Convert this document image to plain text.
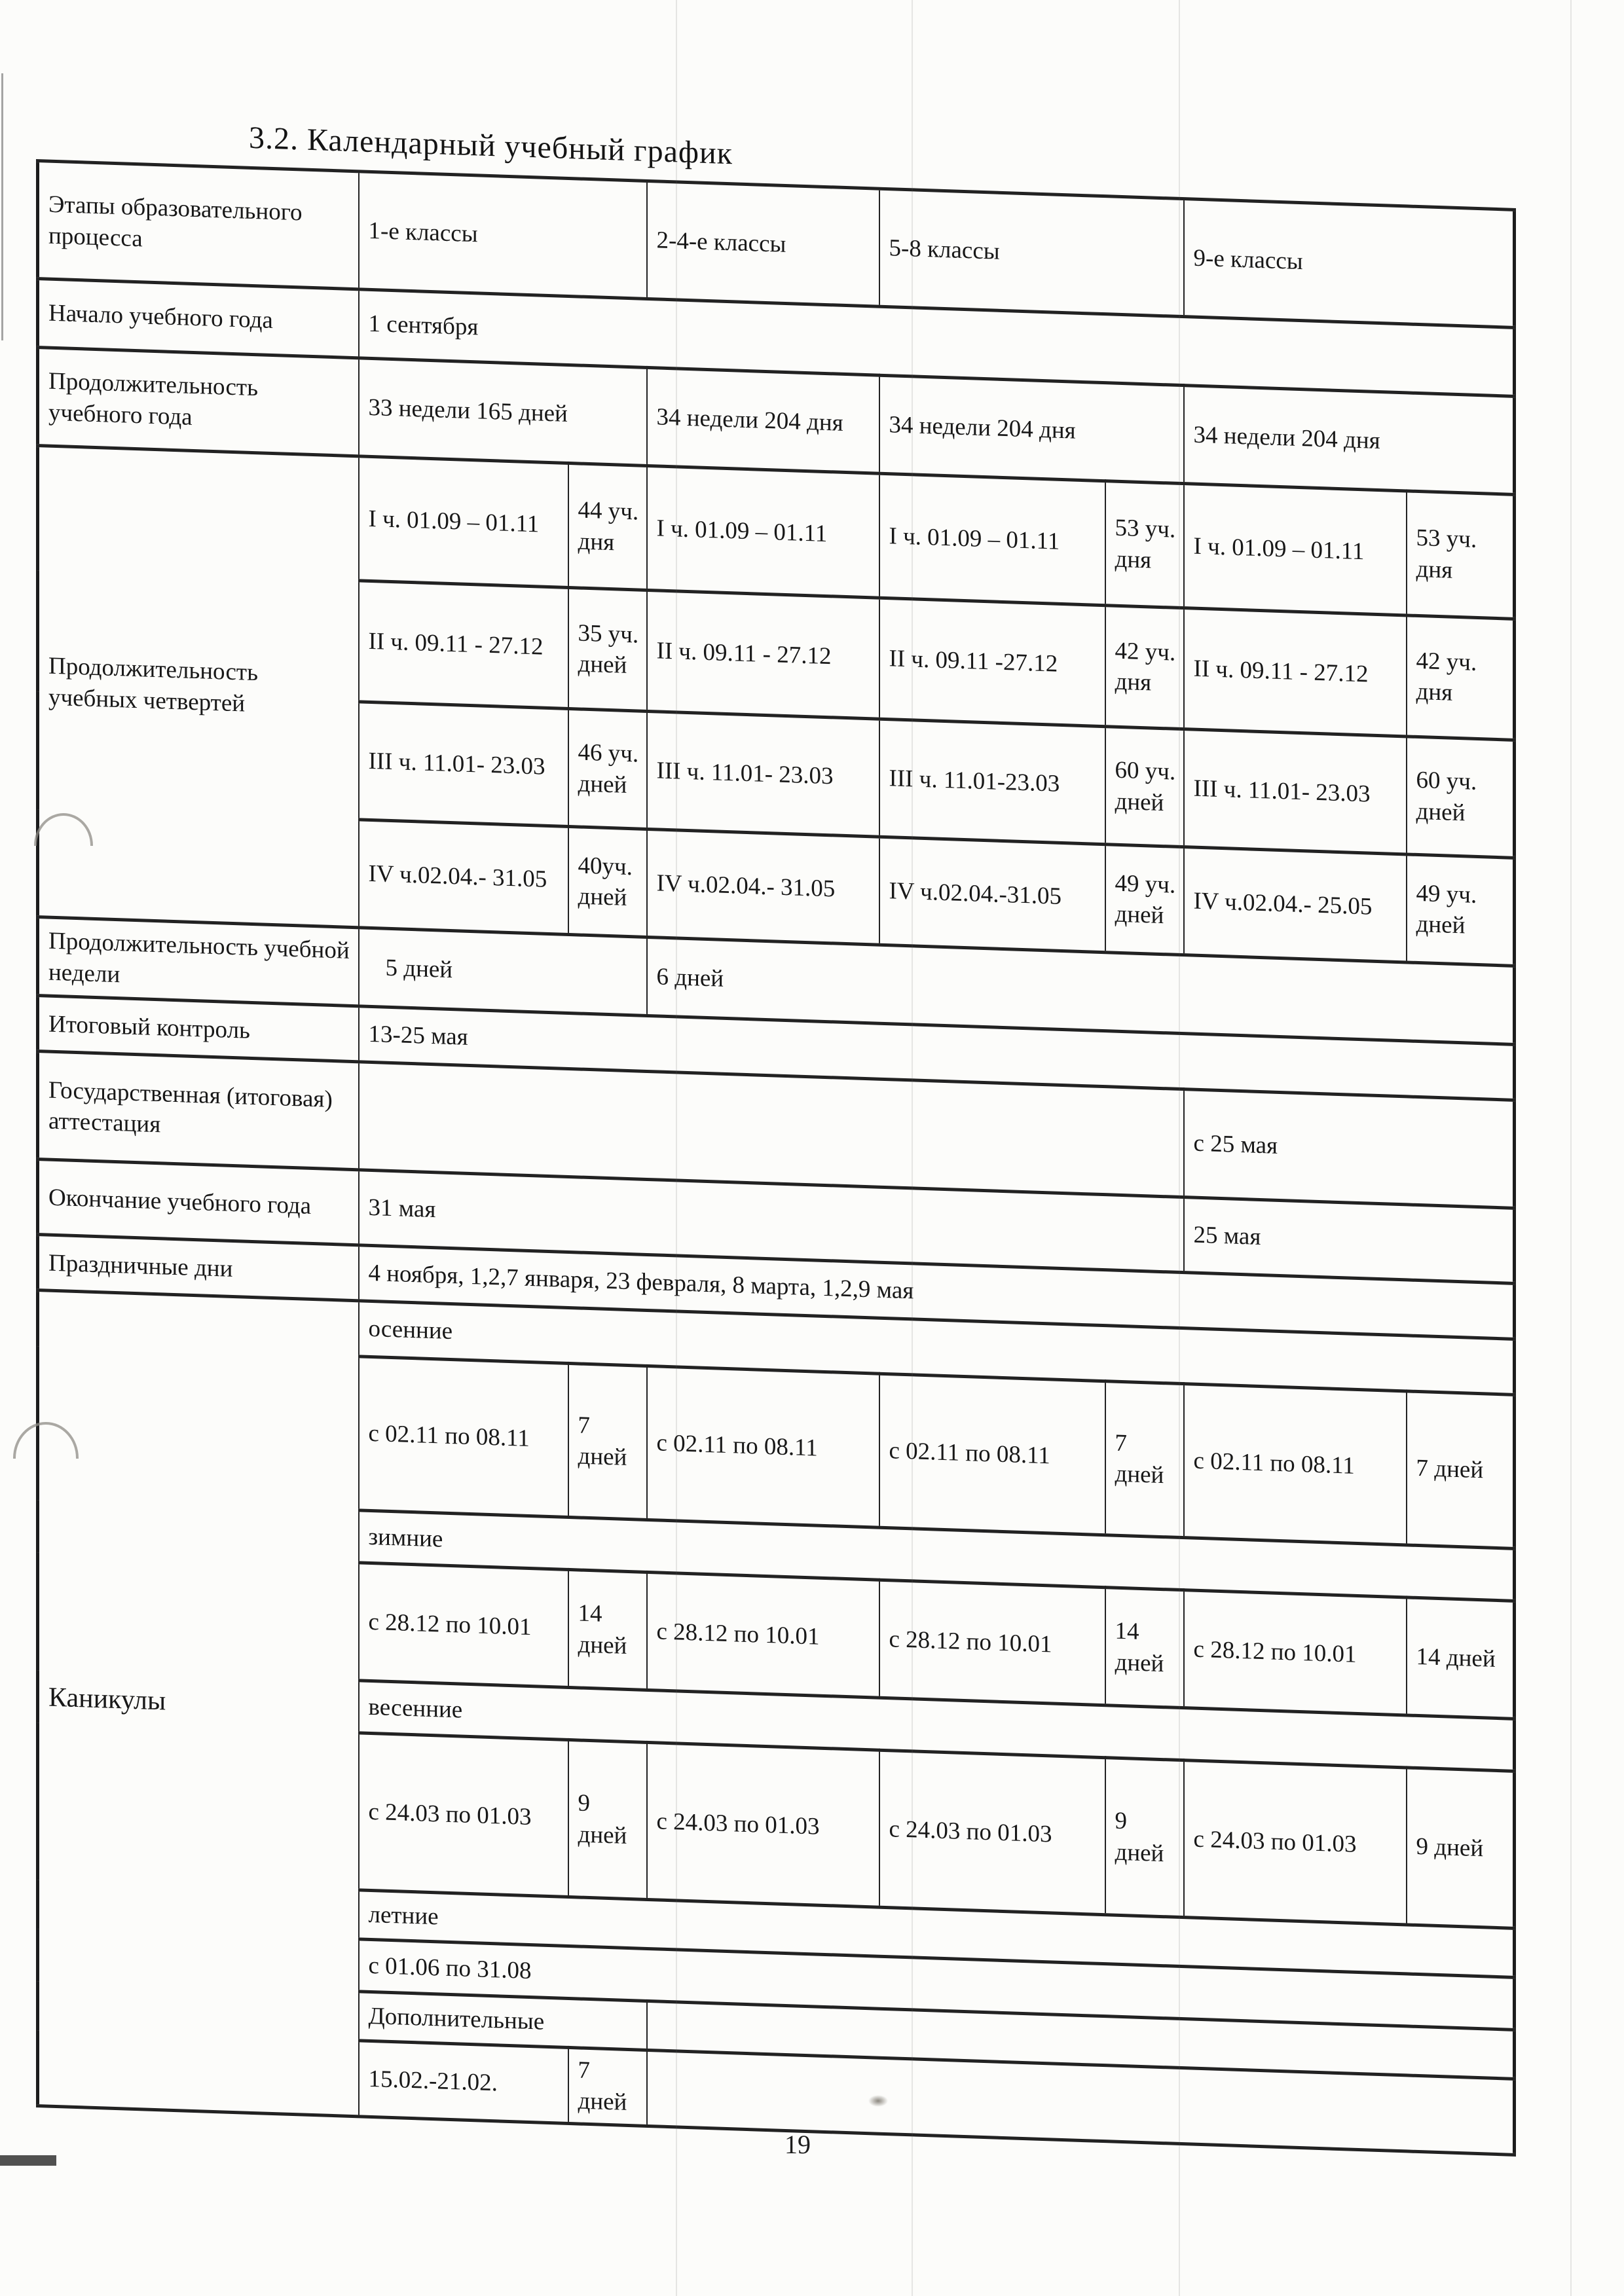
3.2. Календарный учебный график
Этапы образовательного процесса	1-е классы		2-4-е классы	5-8 классы		9-е классы	
Начало учебного года	1 сентября						
Продолжительность учебного года	33 недели 165 дней		34 недели 204 дня	34 недели 204 дня		34 недели 204 дня	
Продолжительность учебных четвертей	I ч. 01.09 – 01.11	44 уч. дня	I ч. 01.09 – 01.11	I ч. 01.09 – 01.11	53 уч. дня	I ч. 01.09 – 01.11	53 уч. дня
	II ч. 09.11 - 27.12	35 уч. дней	II ч. 09.11 - 27.12	II ч. 09.11 -27.12	42 уч. дня	II ч. 09.11 - 27.12	42 уч. дня
	III ч. 11.01- 23.03	46 уч. дней	III ч. 11.01- 23.03	III ч. 11.01-23.03	60 уч. дней	III ч. 11.01- 23.03	60 уч. дней
	IV ч.02.04.- 31.05	40уч. дней	IV ч.02.04.- 31.05	IV ч.02.04.-31.05	49 уч. дней	IV ч.02.04.- 25.05	49 уч. дней
Продолжительность учебной недели	5 дней		6 дней				
Итоговый контроль	13-25 мая						
Государственная (итоговая) аттестация						с 25 мая	
Окончание учебного года	31 мая					25 мая	
Праздничные дни	4 ноября, 1,2,7 января, 23 февраля, 8 марта, 1,2,9 мая						
Каникулы	осенние						
	с 02.11 по 08.11	7 дней	с 02.11 по 08.11	с 02.11 по 08.11	7 дней	с 02.11 по 08.11	7 дней
	зимние						
	с 28.12 по 10.01	14 дней	с 28.12 по 10.01	с 28.12 по 10.01	14 дней	с 28.12 по 10.01	14 дней
	весенние						
	с 24.03 по 01.03	9 дней	с 24.03 по 01.03	с 24.03 по 01.03	9 дней	с 24.03 по 01.03	9 дней
	летние						
	с 01.06 по 31.08						
	Дополнительные						
	15.02.-21.02.	7 дней					
19
